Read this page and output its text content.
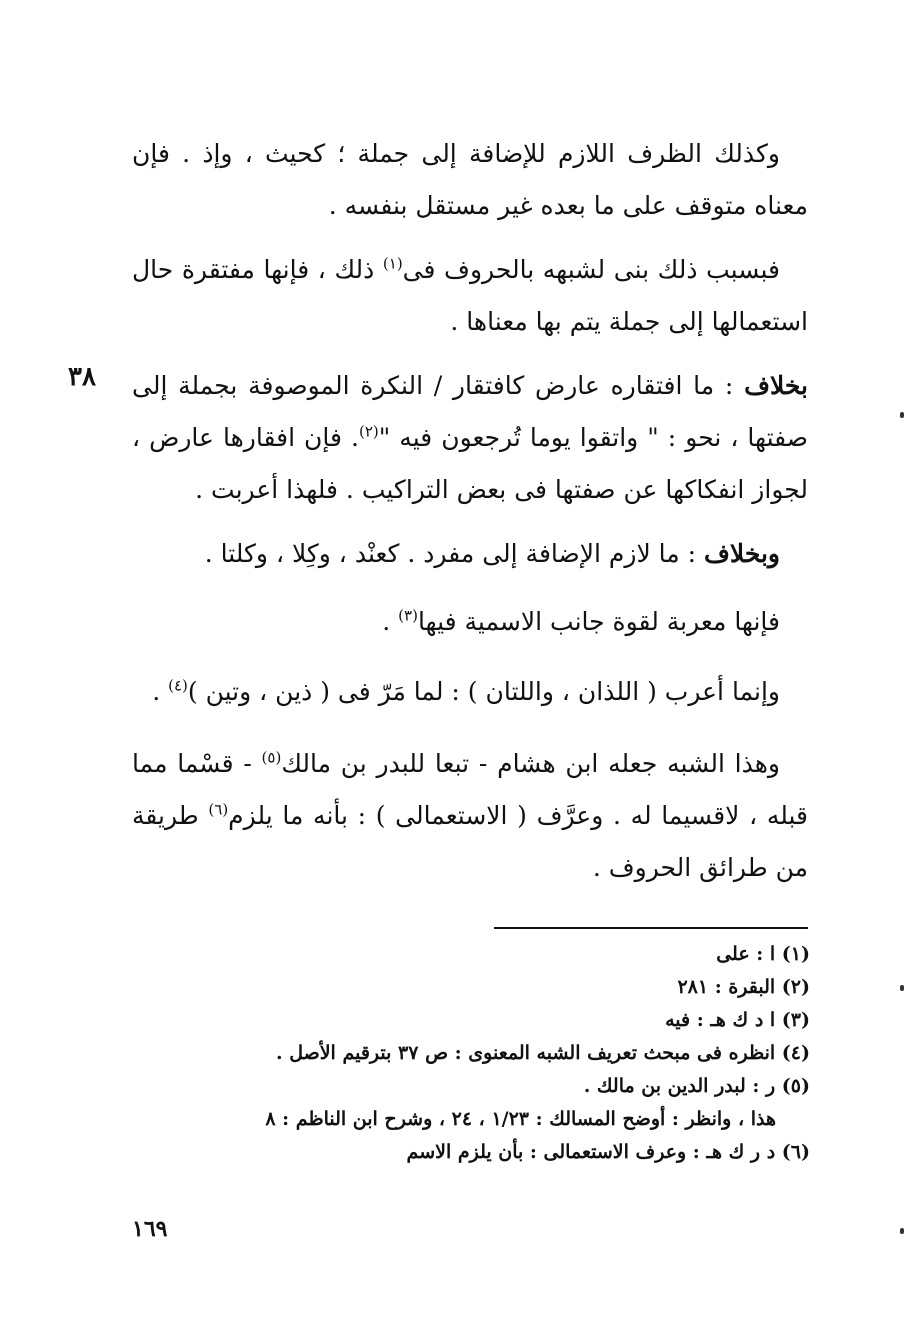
وكذلك الظرف اللازم للإضافة إلى جملة ؛ كحيث ، وإذ . فإن معناه متوقف على ما بعده غير مستقل بنفسه .

فبسبب ذلك بنى لشبهه بالحروف فى$^{(١)}$ ذلك ، فإنها مفتقرة حال استعمالها إلى جملة يتم بها معناها .

٣٨	بخلاف : ما افتقاره عارض كافتقار / النكرة الموصوفة بجملة إلى صفتها ، نحو : " واتقوا يوما تُرجعون فيه "$^{(٢)}$. فإن افقارها عارض ، لجواز انفكاكها عن صفتها فى بعض التراكيب . فلهذا أعربت .

وبخلاف : ما لازم الإضافة إلى مفرد . كعنْد ، وكِلا ، وكلتا .

فإنها معربة لقوة جانب الاسمية فيها$^{(٣)}$ .

وإنما أعرب ( اللذان ، واللتان ) : لما مَرّ فى ( ذين ، وتين )$^{(٤)}$ .

وهذا الشبه جعله ابن هشام - تبعا للبدر بن مالك$^{(٥)}$ - قسْما مما قبله ، لاقسيما له . وعرَّف ( الاستعمالى ) : بأنه ما يلزم$^{(٦)}$ طريقة من طرائق الحروف .

(١) ا : على
(٢) البقرة : ٢٨١
(٣) ا د ك هـ : فيه
(٤) انظره فى مبحث تعريف الشبه المعنوى : ص ٣٧ بترقيم الأصل .
(٥) ر : لبدر الدين بن مالك .
هذا ، وانظر : أوضح المسالك : ١/٢٣ ، ٢٤ ، وشرح ابن الناظم : ٨
(٦) د ر ك هـ : وعرف الاستعمالى : بأن يلزم الاسم
١٦٩
